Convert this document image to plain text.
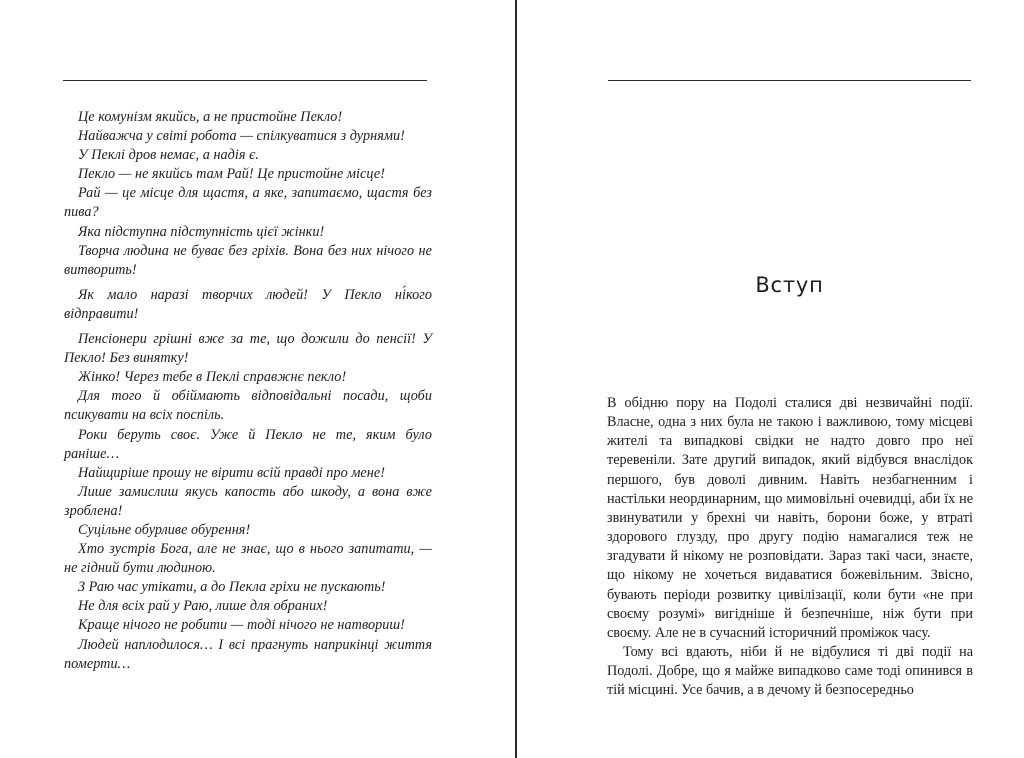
Це комунізм якийсь, а не пристойне Пекло!
Найважча у світі робота — спілкуватися з дурнями!
У Пеклі дров немає, а надія є.
Пекло — не якийсь там Рай! Це пристойне місце!
Рай — це місце для щастя, а яке, запитаємо, щастя без пива?
Яка підступна підступність цієї жінки!
Творча людина не буває без гріхів. Вона без них нічого не витворить!
Як мало наразі творчих людей! У Пекло ні́кого відправити!
Пенсіонери грішні вже за те, що дожили до пенсії! У Пекло! Без винятку!
Жінко! Через тебе в Пеклі справжнє пекло!
Для того й обіймають відповідальні посади, щоби псикувати на всіх поспіль.
Роки беруть своє. Уже й Пекло не те, яким було раніше…
Найщиріше прошу не вірити всій правді про мене!
Лише замислиш якусь капость або шкоду, а вона вже зроблена!
Суцільне обурливе обурення!
Хто зустрів Бога, але не знає, що в нього запитати, — не гідний бути людиною.
З Раю час утікати, а до Пекла гріхи не пускають!
Не для всіх рай у Раю, лише для обраних!
Краще нічого не робити — тоді нічого не натвориш!
Людей наплодилося… І всі прагнуть наприкінці життя померти…
Вступ

В обідню пору на Подолі сталися дві незвичайні події. Власне, одна з них була не такою і важливою, тому місцеві жителі та випадкові свідки не надто довго про неї теревеніли. Зате другий випадок, який відбувся внаслідок першого, був доволі дивним. Навіть незбагненним і настільки неординарним, що мимовільні очевидці, аби їх не звинуватили у брехні чи навіть, борони боже, у втраті здорового глузду, про другу подію намагалися теж не згадувати й нікому не розповідати. Зараз такі часи, знаєте, що нікому не хочеться видаватися божевільним. Звісно, бувають періоди розвитку цивілізації, коли бути «не при своєму розумі» вигідніше й безпечніше, ніж бути при своєму. Але не в сучасний історичний проміжок часу.

Тому всі вдають, ніби й не відбулися ті дві події на Подолі. Добре, що я майже випадково саме тоді опинився в тій місцині. Усе бачив, а в дечому й безпосередньо
